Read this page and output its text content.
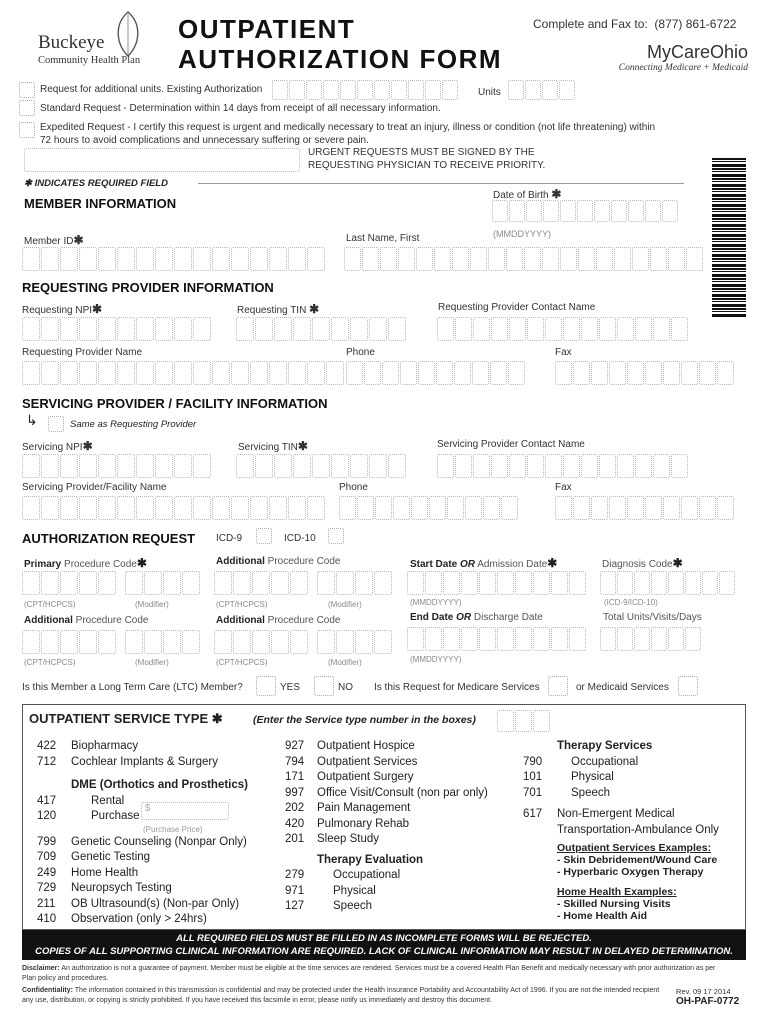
Buckeye
Community Health Plan
OUTPATIENT
AUTHORIZATION FORM
Complete and Fax to: (877) 861-6722
MyCareOhio
Connecting Medicare + Medicaid
Request for additional units. Existing Authorization	Units
Standard Request - Determination within 14 days from receipt of all necessary information.
Expedited Request - I certify this request is urgent and medically necessary to treat an injury, illness or condition (not life threatening) within
72 hours to avoid complications and unnecessary suffering or severe pain.
URGENT REQUESTS MUST BE SIGNED BY THE
REQUESTING PHYSICIAN TO RECEIVE PRIORITY.
✱ INDICATES REQUIRED FIELD
MEMBER INFORMATION
Date of Birth ✱
(MMDDYYYY)
Member ID✱	Last Name, First
REQUESTING PROVIDER INFORMATION
Requesting NPI✱	Requesting TIN ✱	Requesting Provider Contact Name
Requesting Provider Name	Phone	Fax
SERVICING PROVIDER / FACILITY INFORMATION
↳	Same as Requesting Provider
Servicing NPI✱	Servicing TIN✱	Servicing Provider Contact Name
Servicing Provider/Facility Name	Phone	Fax
AUTHORIZATION REQUEST ICD-9	ICD-10
Primary Procedure Code✱	Additional Procedure Code	Start Date OR Admission Date✱	Diagnosis Code✱
(CPT/HCPCS)	(Modifier)	(CPT/HCPCS)	(Modifier)	(MMDDYYYY)	(ICD-9/ICD-10)
Additional Procedure Code	Additional Procedure Code	End Date OR Discharge Date	Total Units/Visits/Days
(CPT/HCPCS)	(Modifier)	(CPT/HCPCS)	(Modifier)	(MMDDYYYY)
Is this Member a Long Term Care (LTC) Member?	YES	NO Is this Request for Medicare Services	or Medicaid Services
OUTPATIENT SERVICE TYPE ✱	(Enter the Service type number in the boxes)
422 Biopharmacy
712 Cochlear Implants & Surgery
DME (Orthotics and Prosthetics)
417	Rental
120	Purchase
(Purchase Price)
799 Genetic Counseling (Nonpar Only)
709 Genetic Testing
249 Home Health
729 Neuropsych Testing
211 OB Ultrasound(s) (Non-par Only)
410 Observation (only > 24hrs)
$
927 Outpatient Hospice
794 Outpatient Services
171 Outpatient Surgery
997 Office Visit/Consult (non par only)
202 Pain Management
420 Pulmonary Rehab
201 Sleep Study
Therapy Evaluation
279	Occupational
971	Physical
127	Speech
Therapy Services
790	Occupational
101	Physical
701	Speech
617 Non-Emergent Medical
Transportation-Ambulance Only
Outpatient Services Examples:
- Skin Debridement/Wound Care
- Hyperbaric Oxygen Therapy
Home Health Examples:
- Skilled Nursing Visits
- Home Health Aid
ALL REQUIRED FIELDS MUST BE FILLED IN AS INCOMPLETE FORMS WILL BE REJECTED.
COPIES OF ALL SUPPORTING CLINICAL INFORMATION ARE REQUIRED. LACK OF CLINICAL INFORMATION MAY RESULT IN DELAYED DETERMINATION.
Disclaimer: An authorization is not a guarantee of payment. Member must be eligible at the time services are rendered. Services must be a covered Health Plan Benefit and medically necessary with prior authorization as per Plan policy and procedures.
Confidentiality: The information contained in this transmission is confidential and may be protected under the Health Insurance Portability and Accountability Act of 1996. If you are not the intended recipient any use, distribution, or copying is strictly prohibited. If you have received this facsimile in error, please notify us immediately and destroy this document.
Rev. 09 17 2014
OH-PAF-0772
